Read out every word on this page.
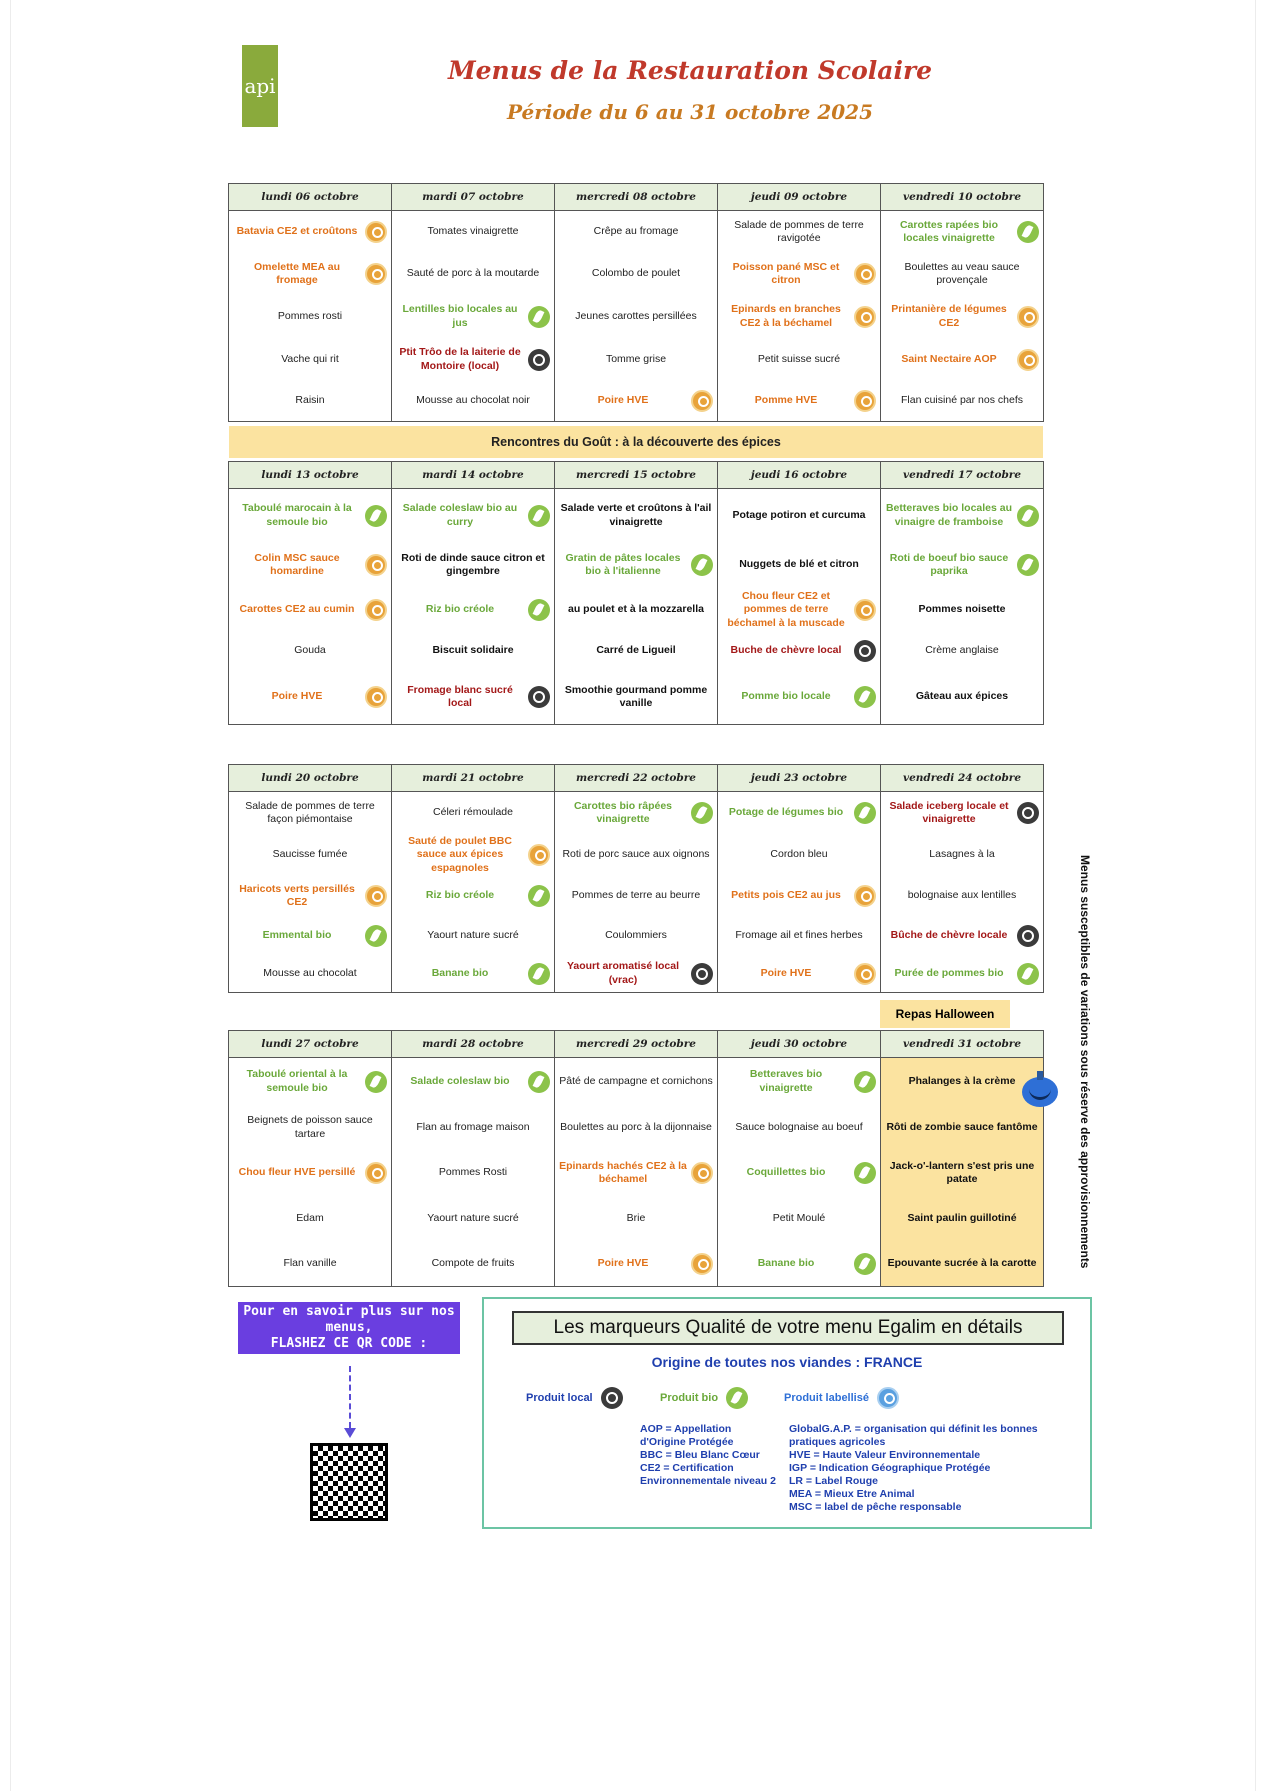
api
Menus de la Restauration Scolaire
Période du 6 au 31 octobre 2025
lundi 06 octobre	mardi 07 octobre	mercredi 08 octobre	jeudi 09 octobre	vendredi 10 octobre

Batavia CE2 et croûtons	Tomates vinaigrette	Crêpe au fromage	Salade de pommes de terre ravigotée	Carottes rapées bio locales vinaigrette

Omelette MEA au fromage	Sauté de porc à la moutarde	Colombo de poulet	Poisson pané MSC et citron	Boulettes au veau sauce provençale

Pommes rosti	Lentilles bio locales au jus	Jeunes carottes persillées	Epinards en branches CE2 à la béchamel	Printanière de légumes CE2

Vache qui rit	Ptit Trôo de la laiterie de Montoire (local)	Tomme grise	Petit suisse sucré	Saint Nectaire AOP

Raisin	Mousse au chocolat noir	Poire HVE	Pomme HVE	Flan cuisiné par nos chefs
Rencontres du Goût : à la découverte des épices
lundi 13 octobre	mardi 14 octobre	mercredi 15 octobre	jeudi 16 octobre	vendredi 17 octobre

Taboulé marocain à la semoule bio	Salade coleslaw bio au curry	Salade verte et croûtons à l'ail vinaigrette	Potage potiron et curcuma	Betteraves bio locales au vinaigre de framboise

Colin MSC sauce homardine	Roti de dinde sauce citron et gingembre	Gratin de pâtes locales bio à l'italienne	Nuggets de blé et citron	Roti de boeuf bio sauce paprika

Carottes CE2 au cumin	Riz bio créole	au poulet et à la mozzarella	Chou fleur CE2 et pommes de terre béchamel à la muscade	Pommes noisette

Gouda	Biscuit solidaire	Carré de Ligueil	Buche de chèvre local	Crème anglaise

Poire HVE	Fromage blanc sucré local	Smoothie gourmand pomme vanille	Pomme bio locale	Gâteau aux épices
lundi 20 octobre	mardi 21 octobre	mercredi 22 octobre	jeudi 23 octobre	vendredi 24 octobre

Salade de pommes de terre façon piémontaise	Céleri rémoulade	Carottes bio râpées vinaigrette	Potage de légumes bio	Salade iceberg locale et vinaigrette

Saucisse fumée	Sauté de poulet BBC sauce aux épices espagnoles	Roti de porc sauce aux oignons	Cordon bleu	Lasagnes à la

Haricots verts persillés CE2	Riz bio créole	Pommes de terre au beurre	Petits pois CE2 au jus	bolognaise aux lentilles

Emmental bio	Yaourt nature sucré	Coulommiers	Fromage ail et fines herbes	Bûche de chèvre locale

Mousse au chocolat	Banane bio	Yaourt aromatisé local (vrac)	Poire HVE	Purée de pommes bio
Repas Halloween
lundi 27 octobre	mardi 28 octobre	mercredi 29 octobre	jeudi 30 octobre	vendredi 31 octobre

Taboulé oriental à la semoule bio	Salade coleslaw bio	Pâté de campagne et cornichons	Betteraves bio vinaigrette	Phalanges à la crème

Beignets de poisson sauce tartare	Flan au fromage maison	Boulettes au porc à la dijonnaise	Sauce bolognaise au boeuf	Rôti de zombie sauce fantôme

Chou fleur HVE persillé	Pommes Rosti	Epinards hachés CE2 à la béchamel	Coquillettes bio	Jack-o'-lantern s'est pris une patate

Edam	Yaourt nature sucré	Brie	Petit Moulé	Saint paulin guillotiné

Flan vanille	Compote de fruits	Poire HVE	Banane bio	Epouvante sucrée à la carotte	Menus susceptibles de variations sous réserve des approvisionnements
Pour en savoir plus sur nos
menus,
FLASHEZ CE QR CODE :
Les marqueurs Qualité de votre menu Egalim en détails
Origine de toutes nos viandes : FRANCE
Produit local	Produit bio	Produit labellisé
AOP = Appellation
d'Origine Protégée
BBC = Bleu Blanc Cœur
CE2 = Certification
Environnementale niveau 2
GlobalG.A.P. = organisation qui définit les bonnes
pratiques agricoles
HVE = Haute Valeur Environnementale
IGP = Indication Géographique Protégée
LR = Label Rouge
MEA = Mieux Etre Animal
MSC = label de pêche responsable
